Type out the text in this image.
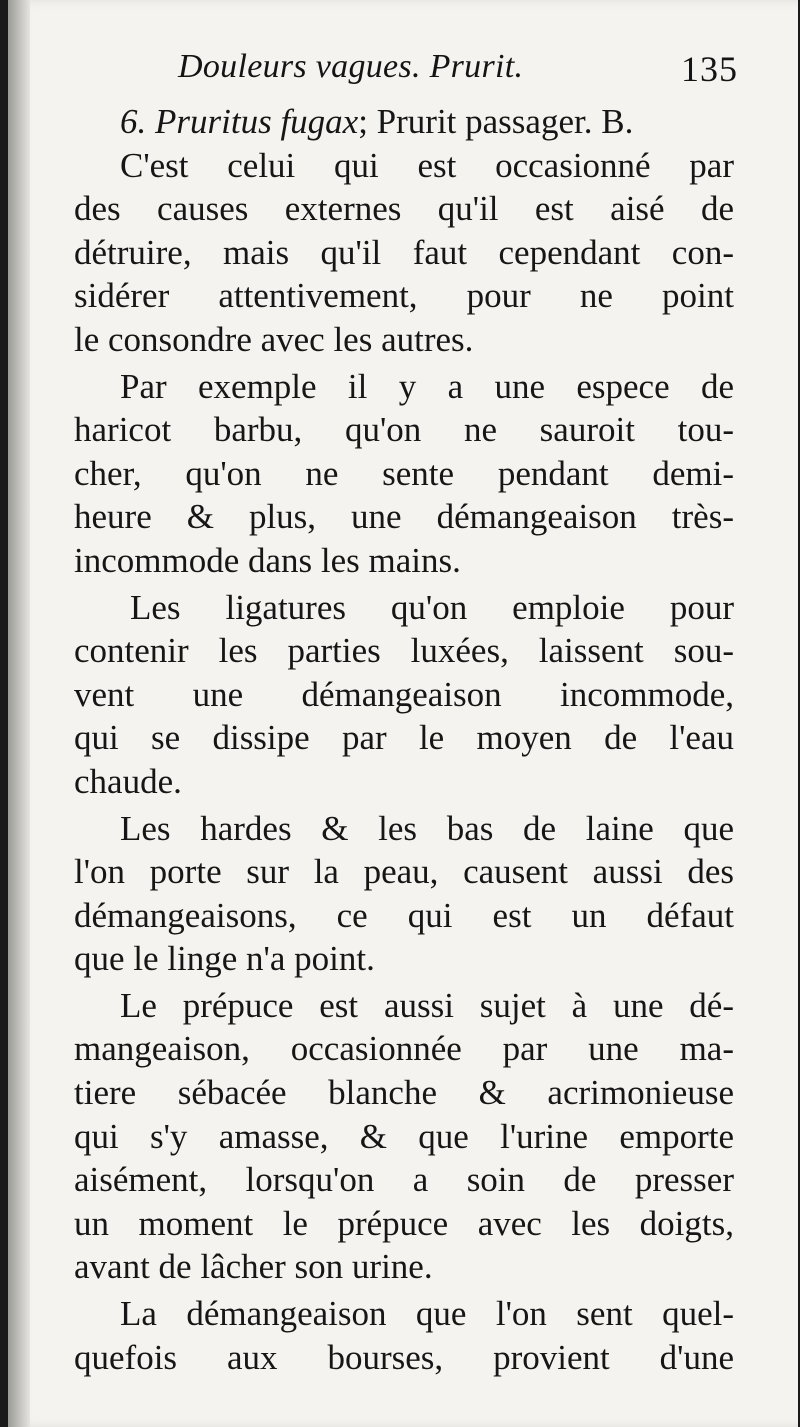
Douleurs vagues. Prurit.	135
6. Pruritus fugax; Prurit passager. B.
C'est celui qui est occasionné par
des causes externes qu'il est aisé de
détruire, mais qu'il faut cependant con-
sidérer attentivement, pour ne point
le consondre avec les autres.
Par exemple il y a une espece de
haricot barbu, qu'on ne sauroit tou-
cher, qu'on ne sente pendant demi-
heure & plus, une démangeaison très-
incommode dans les mains.
Les ligatures qu'on emploie pour
contenir les parties luxées, laissent sou-
vent une démangeaison incommode,
qui se dissipe par le moyen de l'eau
chaude.
Les hardes & les bas de laine que
l'on porte sur la peau, causent aussi des
démangeaisons, ce qui est un défaut
que le linge n'a point.
Le prépuce est aussi sujet à une dé-
mangeaison, occasionnée par une ma-
tiere sébacée blanche & acrimonieuse
qui s'y amasse, & que l'urine emporte
aisément, lorsqu'on a soin de presser
un moment le prépuce avec les doigts,
avant de lâcher son urine.
La démangeaison que l'on sent quel-
quefois aux bourses, provient d'une
